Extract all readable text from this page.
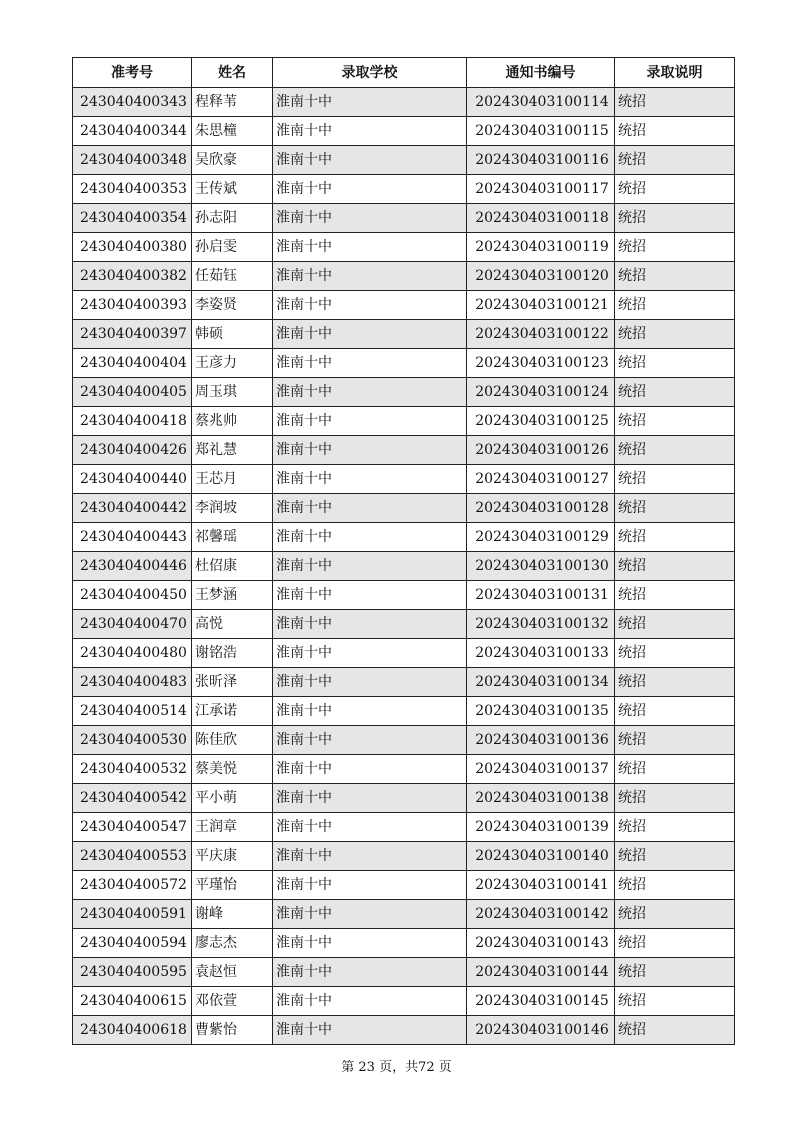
准考号	姓名	录取学校	通知书编号	录取说明
243040400343	程释苇	淮南十中	202430403100114	统招
243040400344	朱思橦	淮南十中	202430403100115	统招
243040400348	吴欣豪	淮南十中	202430403100116	统招
243040400353	王传斌	淮南十中	202430403100117	统招
243040400354	孙志阳	淮南十中	202430403100118	统招
243040400380	孙启雯	淮南十中	202430403100119	统招
243040400382	任茹钰	淮南十中	202430403100120	统招
243040400393	李姿贤	淮南十中	202430403100121	统招
243040400397	韩硕	淮南十中	202430403100122	统招
243040400404	王彦力	淮南十中	202430403100123	统招
243040400405	周玉琪	淮南十中	202430403100124	统招
243040400418	蔡兆帅	淮南十中	202430403100125	统招
243040400426	郑礼慧	淮南十中	202430403100126	统招
243040400440	王芯月	淮南十中	202430403100127	统招
243040400442	李润坡	淮南十中	202430403100128	统招
243040400443	祁馨瑶	淮南十中	202430403100129	统招
243040400446	杜佋康	淮南十中	202430403100130	统招
243040400450	王梦涵	淮南十中	202430403100131	统招
243040400470	高悦	淮南十中	202430403100132	统招
243040400480	谢铭浩	淮南十中	202430403100133	统招
243040400483	张昕泽	淮南十中	202430403100134	统招
243040400514	江承诺	淮南十中	202430403100135	统招
243040400530	陈佳欣	淮南十中	202430403100136	统招
243040400532	蔡美悦	淮南十中	202430403100137	统招
243040400542	平小萌	淮南十中	202430403100138	统招
243040400547	王润章	淮南十中	202430403100139	统招
243040400553	平庆康	淮南十中	202430403100140	统招
243040400572	平瑾怡	淮南十中	202430403100141	统招
243040400591	谢峰	淮南十中	202430403100142	统招
243040400594	廖志杰	淮南十中	202430403100143	统招
243040400595	袁赵恒	淮南十中	202430403100144	统招
243040400615	邓依萱	淮南十中	202430403100145	统招
243040400618	曹紫怡	淮南十中	202430403100146	统招
第 23 页，共72 页
